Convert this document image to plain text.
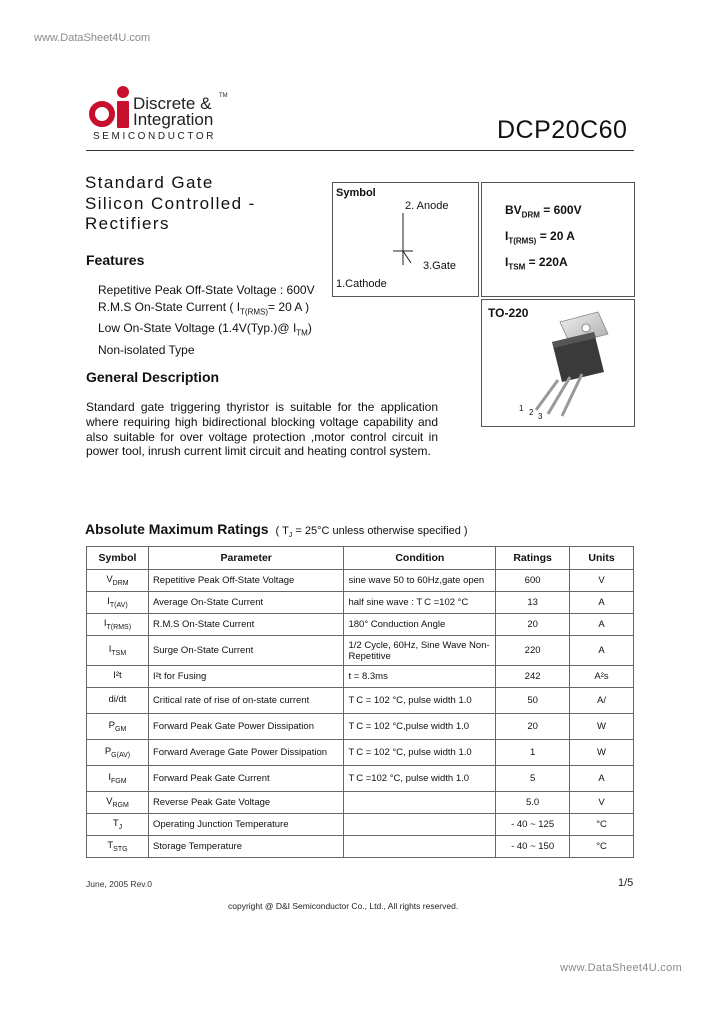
www.DataSheet4U.com
Discrete &
Integration
TM
SEMICONDUCTOR	DCP20C60
Standard Gate
Silicon Controlled -
Rectifiers
Features
Repetitive Peak Off-State Voltage : 600V
R.M.S On-State Current ( $I_{T(RMS)}= 20$ A )
Low On-State Voltage (1.4V(Typ.)@ $I_{TM}$)
Non-isolated Type
General Description
Standard gate triggering thyristor is suitable for the application where requiring high bidirectional blocking voltage capability and also suitable for over voltage protection ,motor control circuit in power tool, inrush current limit circuit and heating control system.
Symbol
2. Anode
3.Gate
1.Cathode
$BV_{DRM} = 600V$
$I_{T(RMS)} = 20$ A
$I_{TSM} = 220A$
TO-220
1 2 3
Absolute Maximum Ratings ( $T_J = 25^\circ C$ unless otherwise specified )
Symbol	Parameter	Condition	Ratings	Units
$V_{DRM}$	Repetitive Peak Off-State Voltage	sine wave 50 to 60Hz,gate open	600	V
$I_{T(AV)}$	Average On-State Current	half sine wave : T C =102 °C	13	A
$I_{T(RMS)}$	R.M.S On-State Current	180° Conduction Angle	20	A
$I_{TSM}$	Surge On-State Current	1/2 Cycle, 60Hz, Sine Wave Non-Repetitive	220	A
I²t	I²t for Fusing	t = 8.3ms	242	A²s
di/dt	Critical rate of rise of on-state current	T C = 102 °C, pulse width 1.0	50	A/
$P_{GM}$	Forward Peak Gate Power Dissipation	T C = 102 °C,pulse width 1.0	20	W
$P_{G(AV)}$	Forward Average Gate Power Dissipation	T C = 102 °C, pulse width 1.0	1	W
$I_{FGM}$	Forward Peak Gate Current	T C =102 °C, pulse width 1.0	5	A
$V_{RGM}$	Reverse Peak Gate Voltage		5.0	V
$T_J$	Operating Junction Temperature		- 40 ~ 125	°C
$T_{STG}$	Storage Temperature		- 40 ~ 150	°C
June, 2005 Rev.0	1/5
copyright @ D&I Semiconductor Co., Ltd., All rights reserved.
www.DataSheet4U.com
